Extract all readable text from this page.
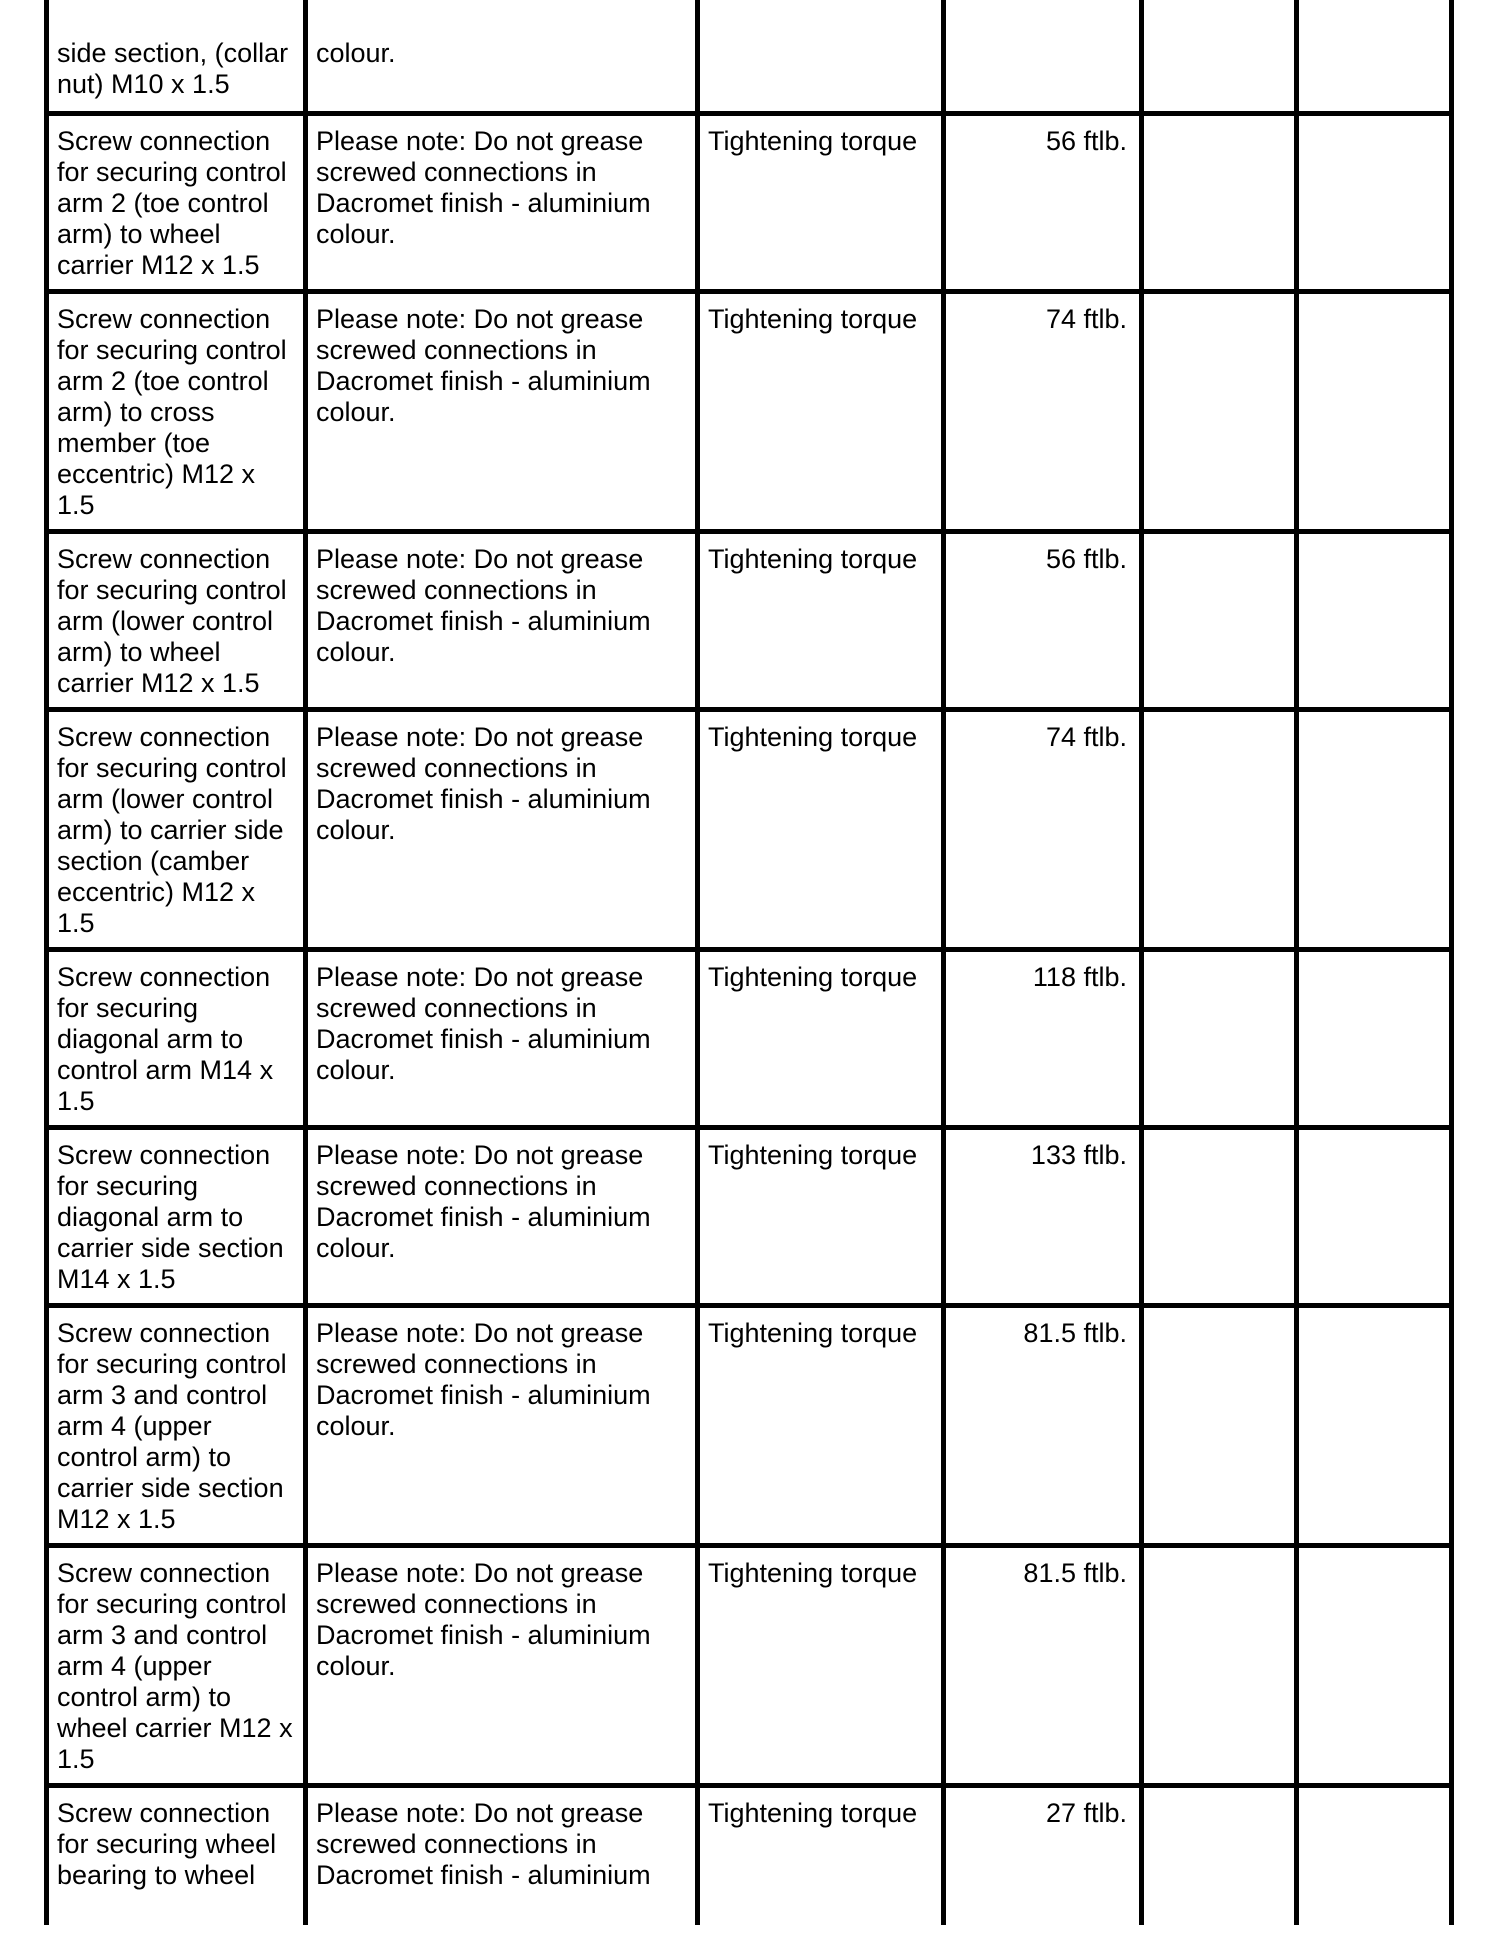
side section, (collar nut) M10 x 1.5	colour.				
Screw connection for securing control arm 2 (toe control arm) to wheel carrier M12 x 1.5	Please note: Do not grease screwed connections in Dacromet finish - aluminium colour.	Tightening torque	56 ftlb.		
Screw connection for securing control arm 2 (toe control arm) to cross member (toe eccentric) M12 x 1.5	Please note: Do not grease screwed connections in Dacromet finish - aluminium colour.	Tightening torque	74 ftlb.		
Screw connection for securing control arm (lower control arm) to wheel carrier M12 x 1.5	Please note: Do not grease screwed connections in Dacromet finish - aluminium colour.	Tightening torque	56 ftlb.		
Screw connection for securing control arm (lower control arm) to carrier side section (camber eccentric) M12 x 1.5	Please note: Do not grease screwed connections in Dacromet finish - aluminium colour.	Tightening torque	74 ftlb.		
Screw connection for securing diagonal arm to control arm M14 x 1.5	Please note: Do not grease screwed connections in Dacromet finish - aluminium colour.	Tightening torque	118 ftlb.		
Screw connection for securing diagonal arm to carrier side section M14 x 1.5	Please note: Do not grease screwed connections in Dacromet finish - aluminium colour.	Tightening torque	133 ftlb.		
Screw connection for securing control arm 3 and control arm 4 (upper control arm) to carrier side section M12 x 1.5	Please note: Do not grease screwed connections in Dacromet finish - aluminium colour.	Tightening torque	81.5 ftlb.		
Screw connection for securing control arm 3 and control arm 4 (upper control arm) to wheel carrier M12 x 1.5	Please note: Do not grease screwed connections in Dacromet finish - aluminium colour.	Tightening torque	81.5 ftlb.		
Screw connection for securing wheel bearing to wheel	Please note: Do not grease screwed connections in Dacromet finish - aluminium	Tightening torque	27 ftlb.		
